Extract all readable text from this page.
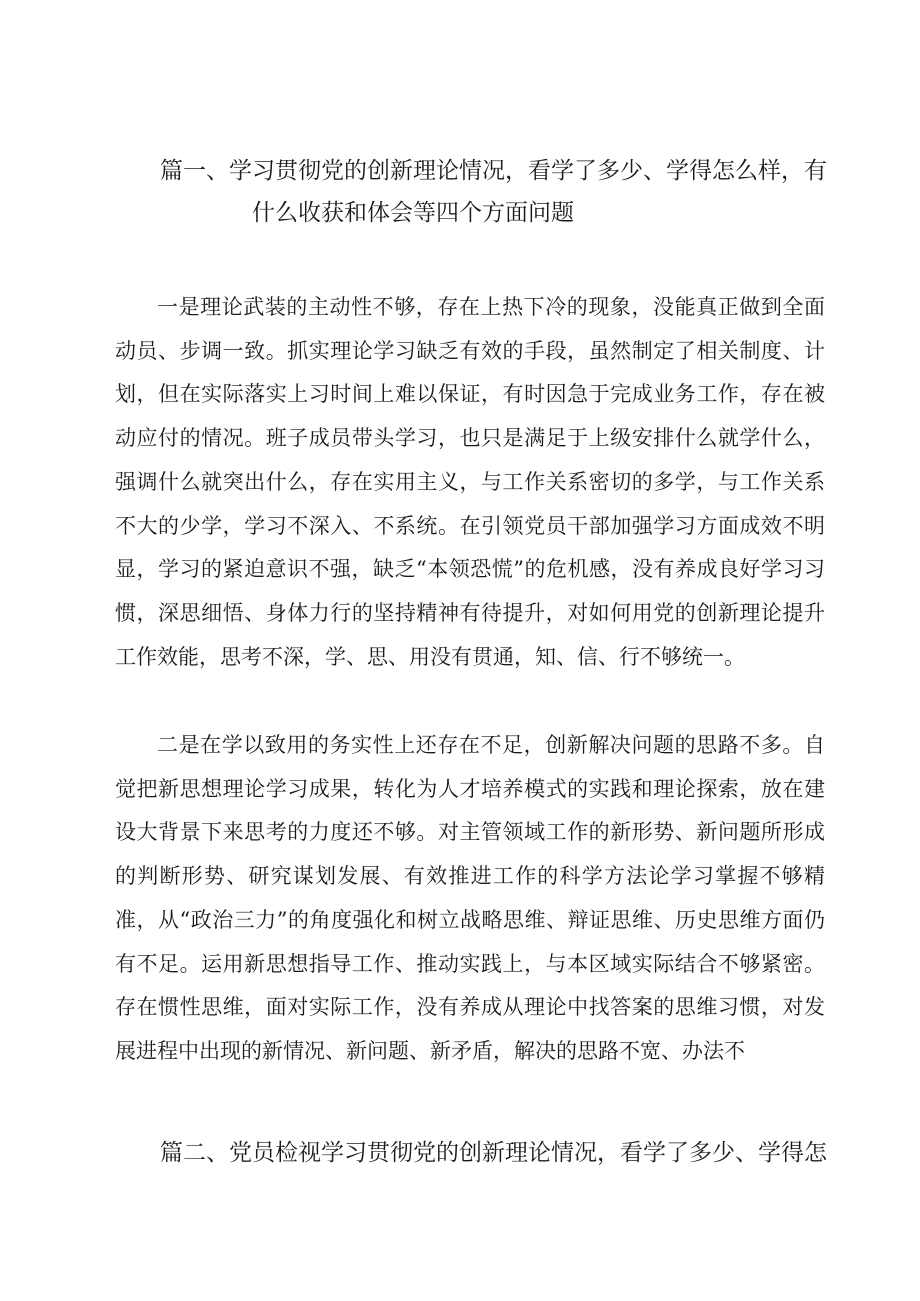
篇一、学习贯彻党的创新理论情况，看学了多少、学得怎么样，有
什么收获和体会等四个方面问题

一是理论武装的主动性不够，存在上热下冷的现象，没能真正做到全面动员、步调一致。抓实理论学习缺乏有效的手段，虽然制定了相关制度、计划，但在实际落实上习时间上难以保证，有时因急于完成业务工作，存在被动应付的情况。班子成员带头学习，也只是满足于上级安排什么就学什么，强调什么就突出什么，存在实用主义，与工作关系密切的多学，与工作关系不大的少学，学习不深入、不系统。在引领党员干部加强学习方面成效不明显，学习的紧迫意识不强，缺乏“本领恐慌”的危机感，没有养成良好学习习惯，深思细悟、身体力行的坚持精神有待提升，对如何用党的创新理论提升工作效能，思考不深，学、思、用没有贯通，知、信、行不够统一。

二是在学以致用的务实性上还存在不足，创新解决问题的思路不多。自觉把新思想理论学习成果，转化为人才培养模式的实践和理论探索，放在建设大背景下来思考的力度还不够。对主管领域工作的新形势、新问题所形成的判断形势、研究谋划发展、有效推进工作的科学方法论学习掌握不够精准，从“政治三力”的角度强化和树立战略思维、辩证思维、历史思维方面仍有不足。运用新思想指导工作、推动实践上，与本区域实际结合不够紧密。存在惯性思维，面对实际工作，没有养成从理论中找答案的思维习惯，对发展进程中出现的新情况、新问题、新矛盾，解决的思路不宽、办法不

篇二、党员检视学习贯彻党的创新理论情况，看学了多少、学得怎
